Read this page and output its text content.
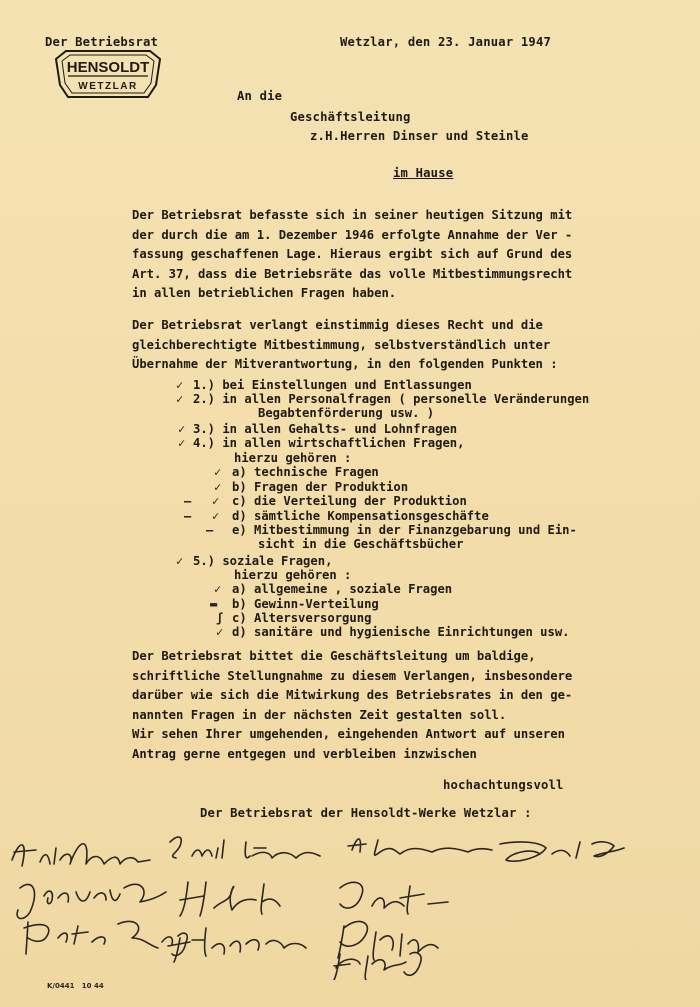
Der Betriebsrat	Wetzlar, den 23. Januar 1947
An die
Geschäftsleitung
z.H.Herren Dinser und Steinle
im Hause
Der Betriebsrat befasste sich in seiner heutigen Sitzung mit
der durch die am 1. Dezember 1946 erfolgte Annahme der Ver -
fassung geschaffenen Lage. Hieraus ergibt sich auf Grund des
Art. 37, dass die Betriebsräte das volle Mitbestimmungsrecht
in allen betrieblichen Fragen haben.
Der Betriebsrat verlangt einstimmig dieses Recht und die
gleichberechtigte Mitbestimmung, selbstverständlich unter
Übernahme der Mitverantwortung, in den folgenden Punkten :
✓ 1.) bei Einstellungen und Entlassungen
✓ 2.) in allen Personalfragen ( personelle Veränderungen
Begabtenförderung usw. )
✓ 3.) in allen Gehalts- und Lohnfragen
✓ 4.) in allen wirtschaftlichen Fragen,
hierzu gehören :
✓ a) technische Fragen
✓ b) Fragen der Produktion
— ✓ c) die Verteilung der Produktion
— ✓ d) sämtliche Kompensationsgeschäfte
— e) Mitbestimmung in der Finanzgebarung und Ein-
sicht in die Geschäftsbücher
✓ 5.) soziale Fragen,
hierzu gehören :
✓ a) allgemeine , soziale Fragen
▬ b) Gewinn-Verteilung
ʃ c) Altersversorgung
✓ d) sanitäre und hygienische Einrichtungen usw.
Der Betriebsrat bittet die Geschäftsleitung um baldige,
schriftliche Stellungnahme zu diesem Verlangen, insbesondere
darüber wie sich die Mitwirkung des Betriebsrates in den ge-
nannten Fragen in der nächsten Zeit gestalten soll.
Wir sehen Ihrer umgehenden, eingehenden Antwort auf unseren
Antrag gerne entgegen und verbleiben inzwischen
hochachtungsvoll
Der Betriebsrat der Hensoldt-Werke Wetzlar :
K/0441   10 44
HENSOLDT
WETZLAR
